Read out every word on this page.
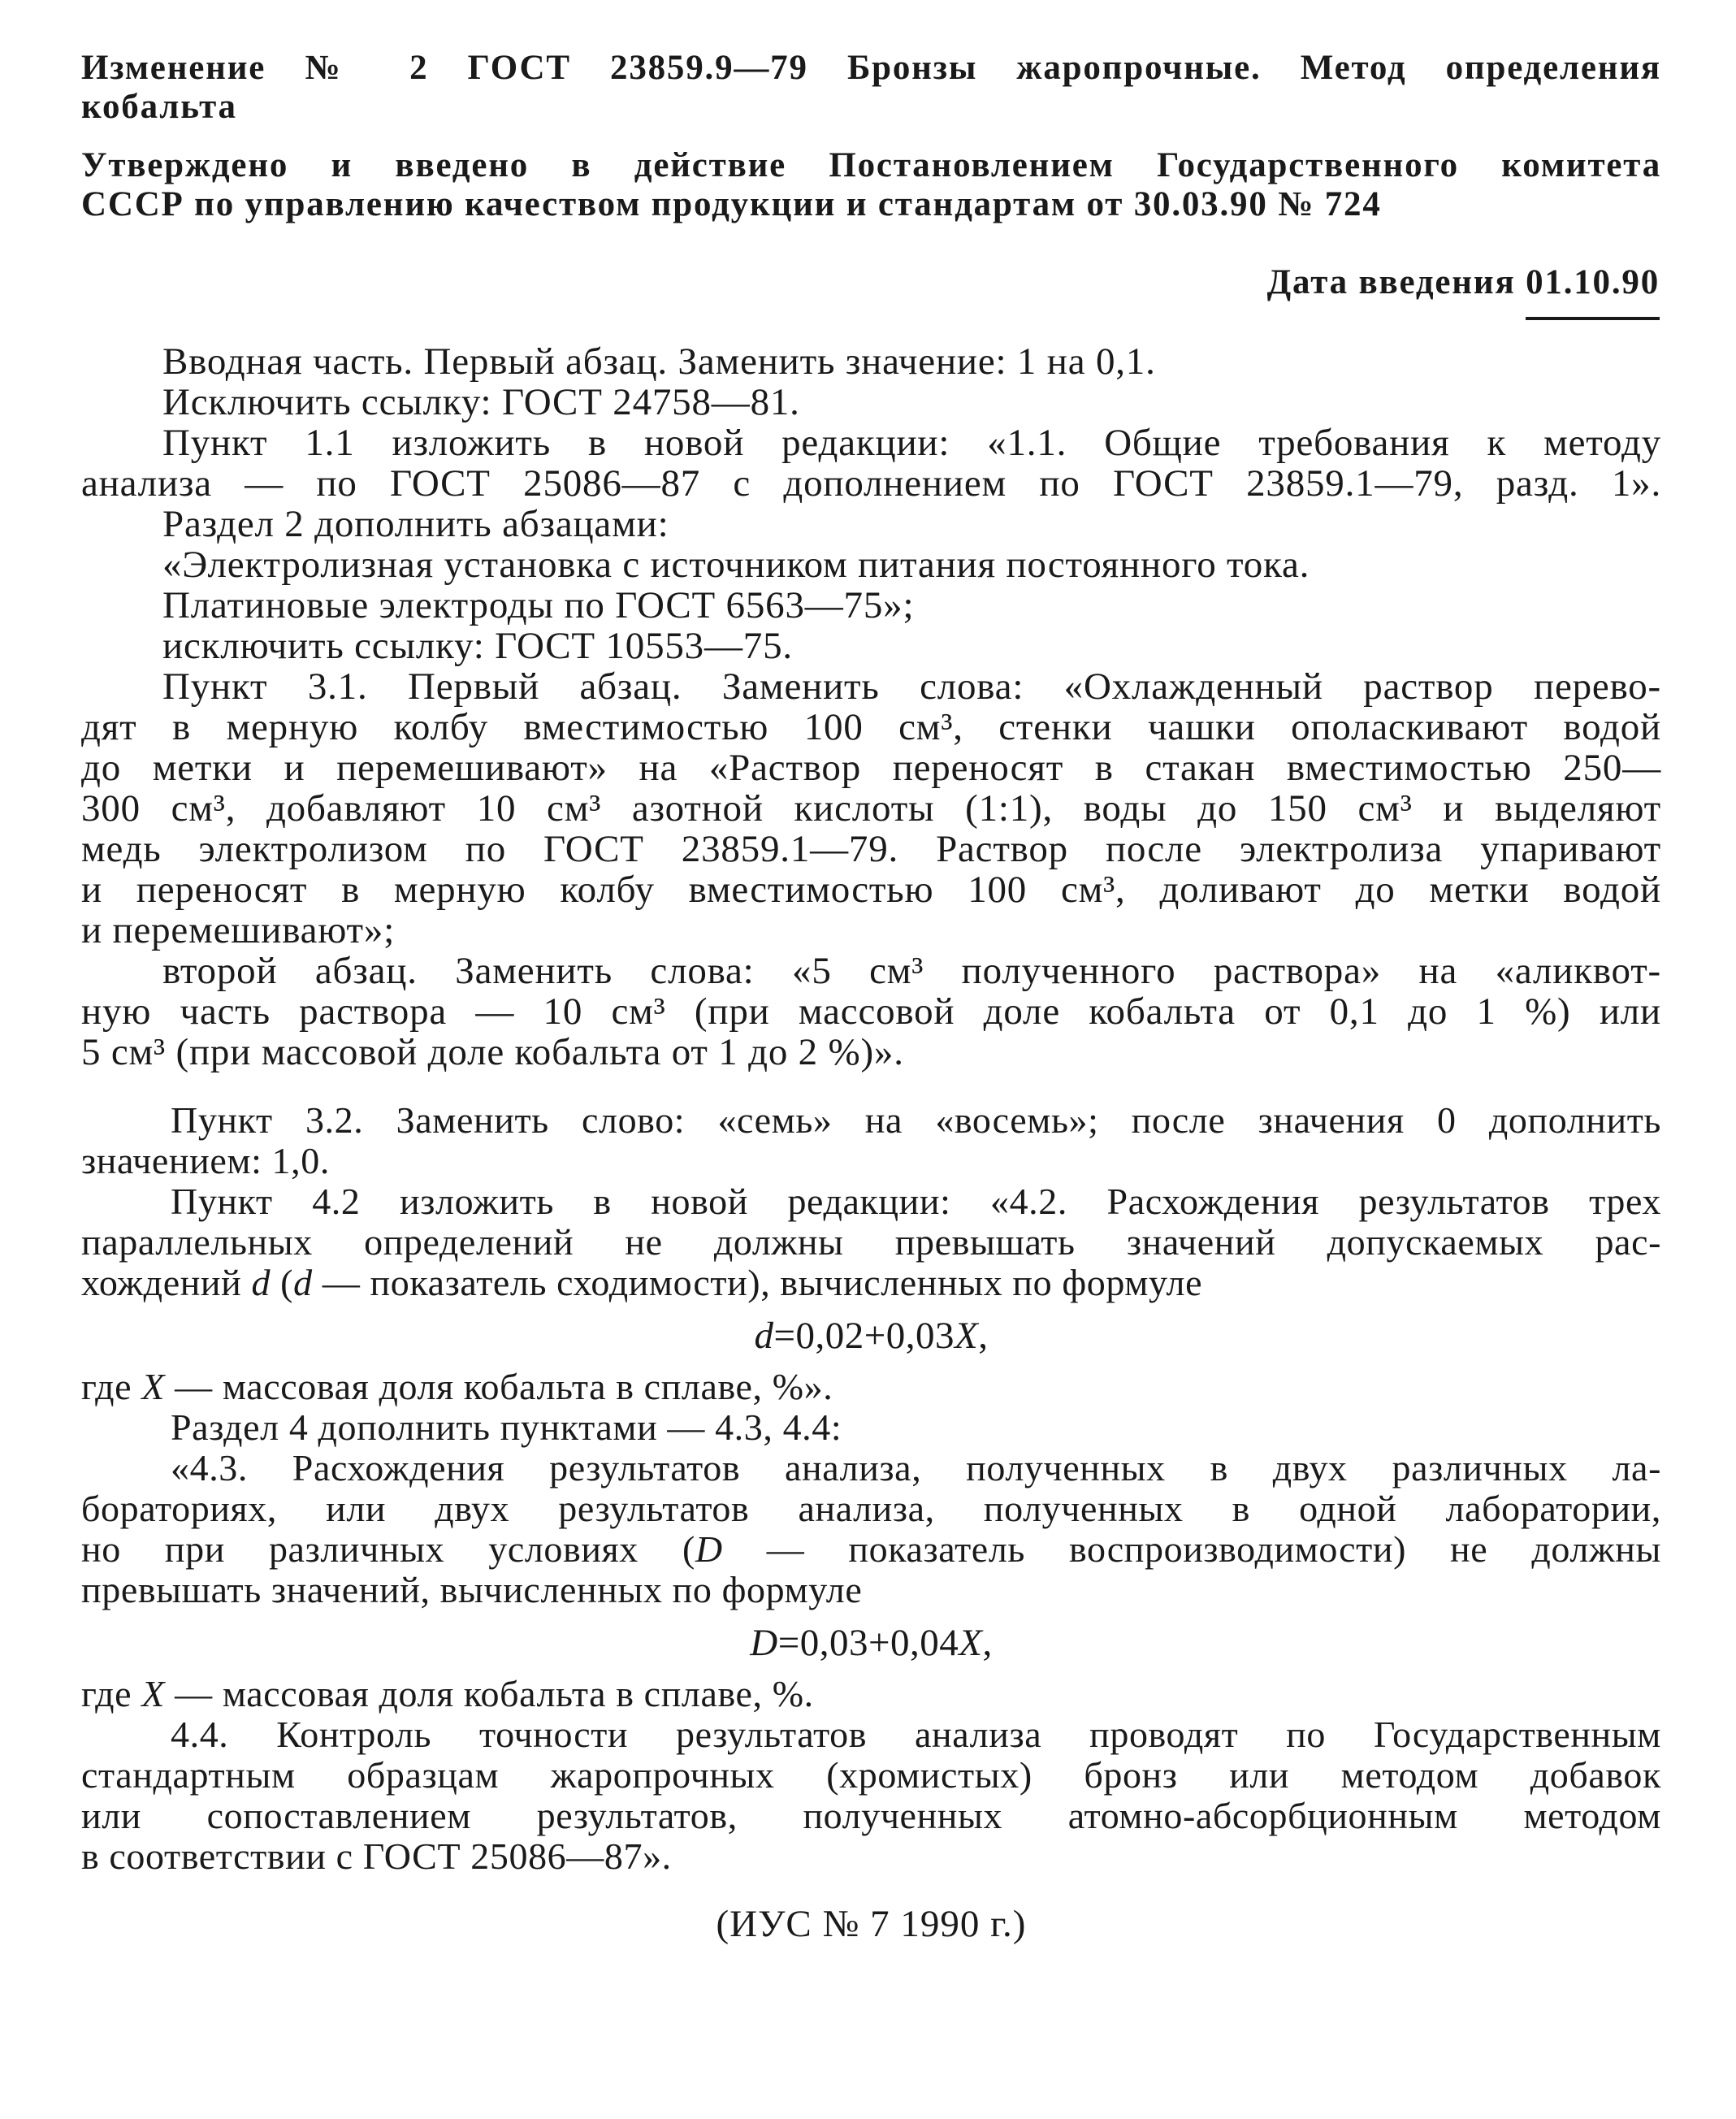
Изменение № 2 ГОСТ 23859.9—79 Бронзы жаропрочные. Метод определения
кобальта
Утверждено и введено в действие Постановлением Государственного комитета
СССР по управлению качеством продукции и стандартам от 30.03.90 № 724
Дата введения 01.10.90
Вводная часть. Первый абзац. Заменить значение: 1 на 0,1.
Исключить ссылку: ГОСТ 24758—81.
Пункт 1.1 изложить в новой редакции: «1.1. Общие требования к методу
анализа — по ГОСТ 25086—87 с дополнением по ГОСТ 23859.1—79, разд. 1».
Раздел 2 дополнить абзацами:
«Электролизная установка с источником питания постоянного тока.
Платиновые электроды по ГОСТ 6563—75»;
исключить ссылку: ГОСТ 10553—75.
Пункт 3.1. Первый абзац. Заменить слова: «Охлажденный раствор перево-
дят в мерную колбу вместимостью 100 см³, стенки чашки ополаскивают водой
до метки и перемешивают» на «Раствор переносят в стакан вместимостью 250—
300 см³, добавляют 10 см³ азотной кислоты (1:1), воды до 150 см³ и выделяют
медь электролизом по ГОСТ 23859.1—79. Раствор после электролиза упаривают
и переносят в мерную колбу вместимостью 100 см³, доливают до метки водой
и перемешивают»;
второй абзац. Заменить слова: «5 см³ полученного раствора» на «аликвот-
ную часть раствора — 10 см³ (при массовой доле кобальта от 0,1 до 1 %) или
5 см³ (при массовой доле кобальта от 1 до 2 %)».
Пункт 3.2. Заменить слово: «семь» на «восемь»; после значения 0 дополнить
значением: 1,0.
Пункт 4.2 изложить в новой редакции: «4.2. Расхождения результатов трех
параллельных определений не должны превышать значений допускаемых рас-
хождений d (d — показатель сходимости), вычисленных по формуле
d=0,02+0,03X,
где X — массовая доля кобальта в сплаве, %».
Раздел 4 дополнить пунктами — 4.3, 4.4:
«4.3. Расхождения результатов анализа, полученных в двух различных ла-
бораториях, или двух результатов анализа, полученных в одной лаборатории,
но при различных условиях (D — показатель воспроизводимости) не должны
превышать значений, вычисленных по формуле
D=0,03+0,04X,
где X — массовая доля кобальта в сплаве, %.
4.4. Контроль точности результатов анализа проводят по Государственным
стандартным образцам жаропрочных (хромистых) бронз или методом добавок
или сопоставлением результатов, полученных атомно-абсорбционным методом
в соответствии с ГОСТ 25086—87».
(ИУС № 7 1990 г.)
